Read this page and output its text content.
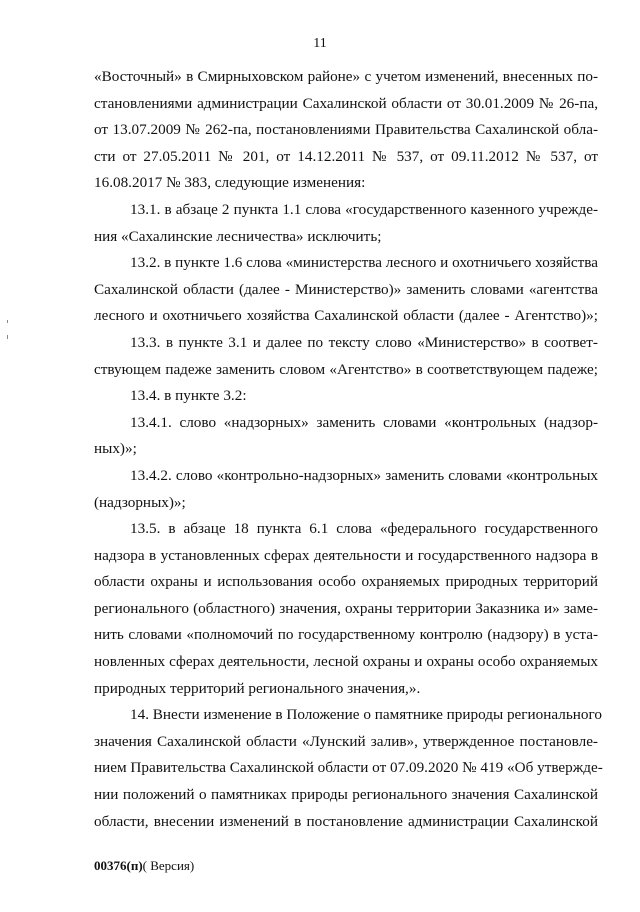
11
«Восточный» в Смирныховском районе» с учетом изменений, внесенных по-
становлениями администрации Сахалинской области от 30.01.2009 № 26-па,
от 13.07.2009 № 262-па, постановлениями Правительства Сахалинской обла-
сти от 27.05.2011 № 201, от 14.12.2011 № 537, от 09.11.2012 № 537, от
16.08.2017 № 383, следующие изменения:
13.1. в абзаце 2 пункта 1.1 слова «государственного казенного учрежде-
ния «Сахалинские лесничества» исключить;
13.2. в пункте 1.6 слова «министерства лесного и охотничьего хозяйства
Сахалинской области (далее - Министерство)» заменить словами «агентства
лесного и охотничьего хозяйства Сахалинской области (далее - Агентство)»;
13.3. в пункте 3.1 и далее по тексту слово «Министерство» в соответ-
ствующем падеже заменить словом «Агентство» в соответствующем падеже;
13.4. в пункте 3.2:
13.4.1. слово «надзорных» заменить словами «контрольных (надзор-
ных)»;
13.4.2. слово «контрольно-надзорных» заменить словами «контрольных
(надзорных)»;
13.5. в абзаце 18 пункта 6.1 слова «федерального государственного
надзора в установленных сферах деятельности и государственного надзора в
области охраны и использования особо охраняемых природных территорий
регионального (областного) значения, охраны территории Заказника и» заме-
нить словами «полномочий по государственному контролю (надзору) в уста-
новленных сферах деятельности, лесной охраны и охраны особо охраняемых
природных территорий регионального значения,».
14. Внести изменение в Положение о памятнике природы регионального
значения Сахалинской области «Лунский залив», утвержденное постановле-
нием Правительства Сахалинской области от 07.09.2020 № 419 «Об утвержде-
нии положений о памятниках природы регионального значения Сахалинской
области, внесении изменений в постановление администрации Сахалинской
00376(п)( Версия)
